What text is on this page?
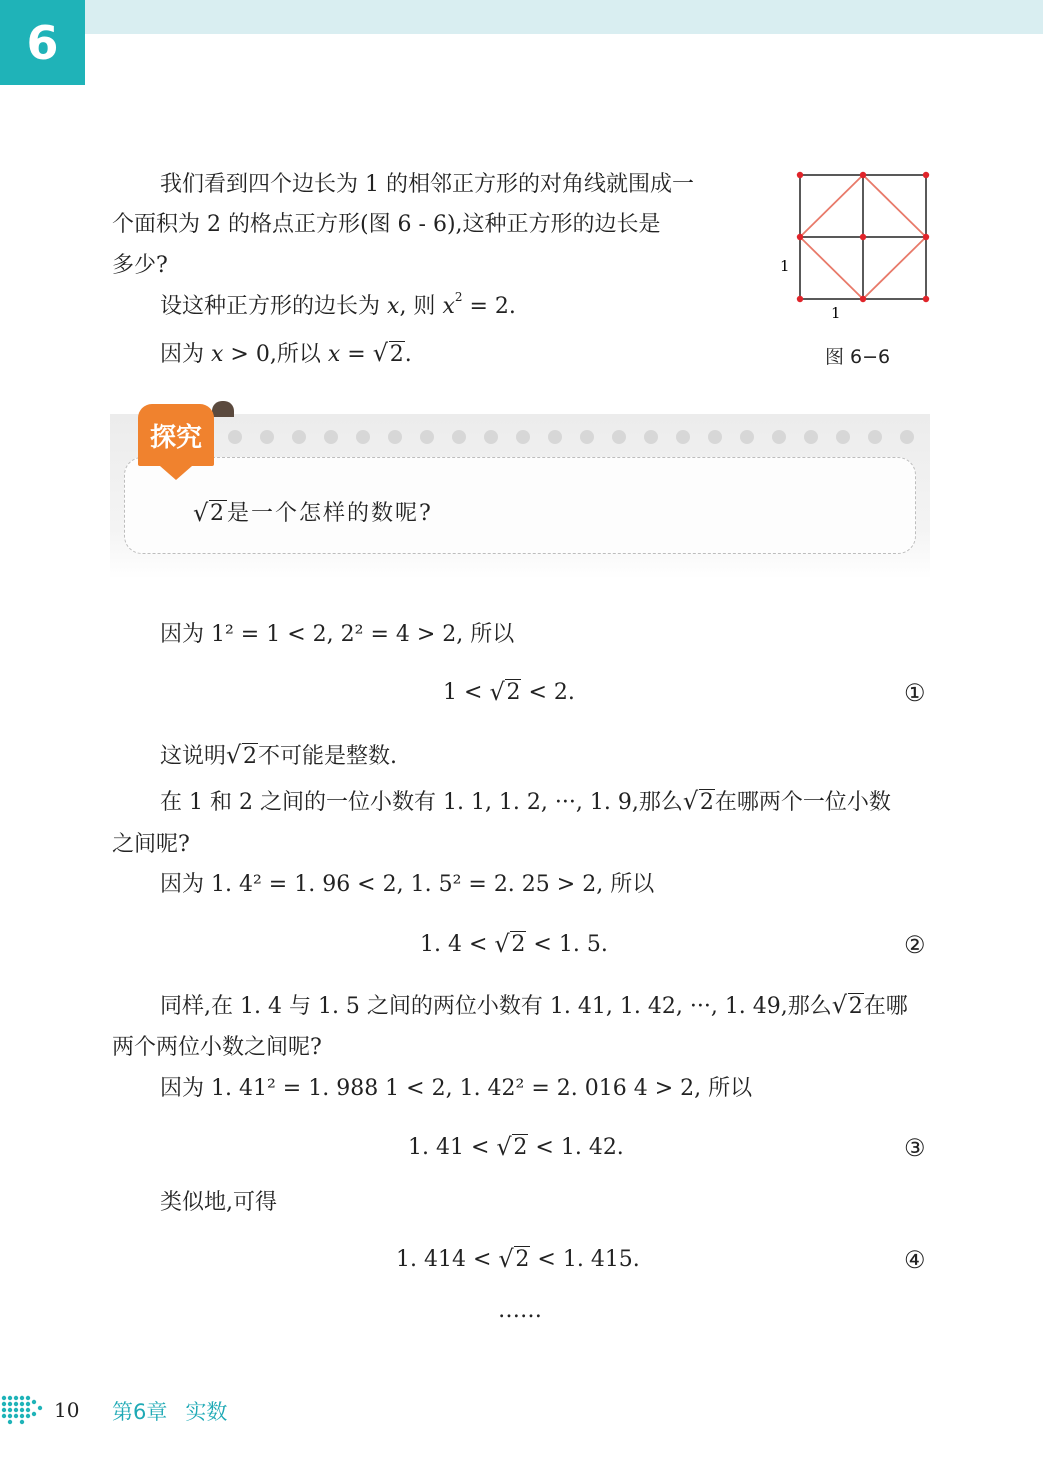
6
我们看到四个边长为 1 的相邻正方形的对角线就围成一
个面积为 2 的格点正方形(图 6 - 6),这种正方形的边长是
多少?
设这种正方形的边长为 x, 则 $x^2 = 2$.
因为 x > 0,所以 x = √ 2.
1
1
图 6−6
探究
√ 2是一个怎样的数呢?
因为 1² = 1 < 2, 2² = 4 > 2, 所以
1 < √ 2 < 2.	①
这说明 √ 2不可能是整数.
在 1 和 2 之间的一位小数有 1. 1, 1. 2, ···, 1. 9,那么 √ 2在哪两个一位小数
之间呢?
因为 1. 4² = 1. 96 < 2, 1. 5² = 2. 25 > 2, 所以
1. 4 < √ 2 < 1. 5.	②
同样,在 1. 4 与 1. 5 之间的两位小数有 1. 41, 1. 42, ···, 1. 49,那么 √ 2在哪
两个两位小数之间呢?
因为 1. 41² = 1. 988 1 < 2, 1. 42² = 2. 016 4 > 2, 所以
1. 41 < √ 2 < 1. 42.	③
类似地,可得
1. 414 < √ 2 < 1. 415.	④
……
10 第6章 实数
